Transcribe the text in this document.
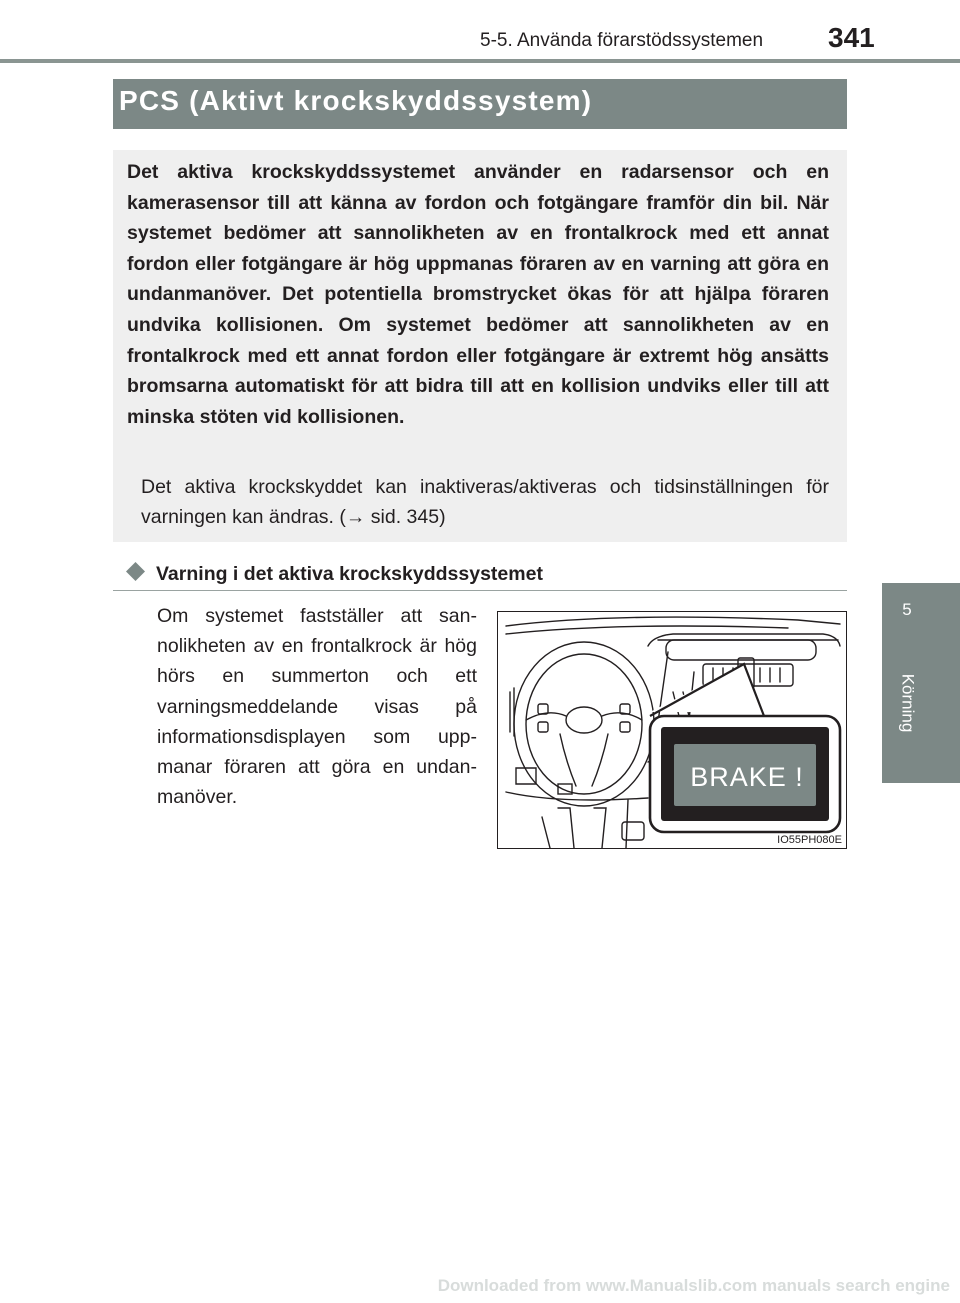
5-5. Använda förarstödssystemen 341
5
Körning
PCS (Aktivt krockskyddssystem)

Det aktiva krockskyddssystemet använder en radarsensor och en kamerasensor till att känna av fordon och fotgängare framför din bil. När systemet bedömer att sannolikheten av en frontalkrock med ett annat fordon eller fotgängare är hög uppmanas föraren av en varning att göra en undanmanöver. Det potentiella bromstrycket ökas för att hjälpa föraren undvika kollisionen. Om systemet bedömer att sannolikheten av en frontalkrock med ett annat fordon eller fotgängare är extremt hög ansätts bromsarna automatiskt för att bidra till att en kollision undviks eller till att minska stöten vid kollisionen.

Det aktiva krockskyddet kan inaktiveras/aktiveras och tidsinställningen för varningen kan ändras. (→ sid. 345)

Varning i det aktiva krockskyddssystemet

Om systemet fastställer att sannolikheten av en frontalkrock är hög hörs en summerton och ett varningsmeddelande visas på informationsdisplayen som uppmanar föraren att göra en undanmanöver.

IO55PH080E
BRAKE !
Downloaded from www.Manualslib.com manuals search engine
